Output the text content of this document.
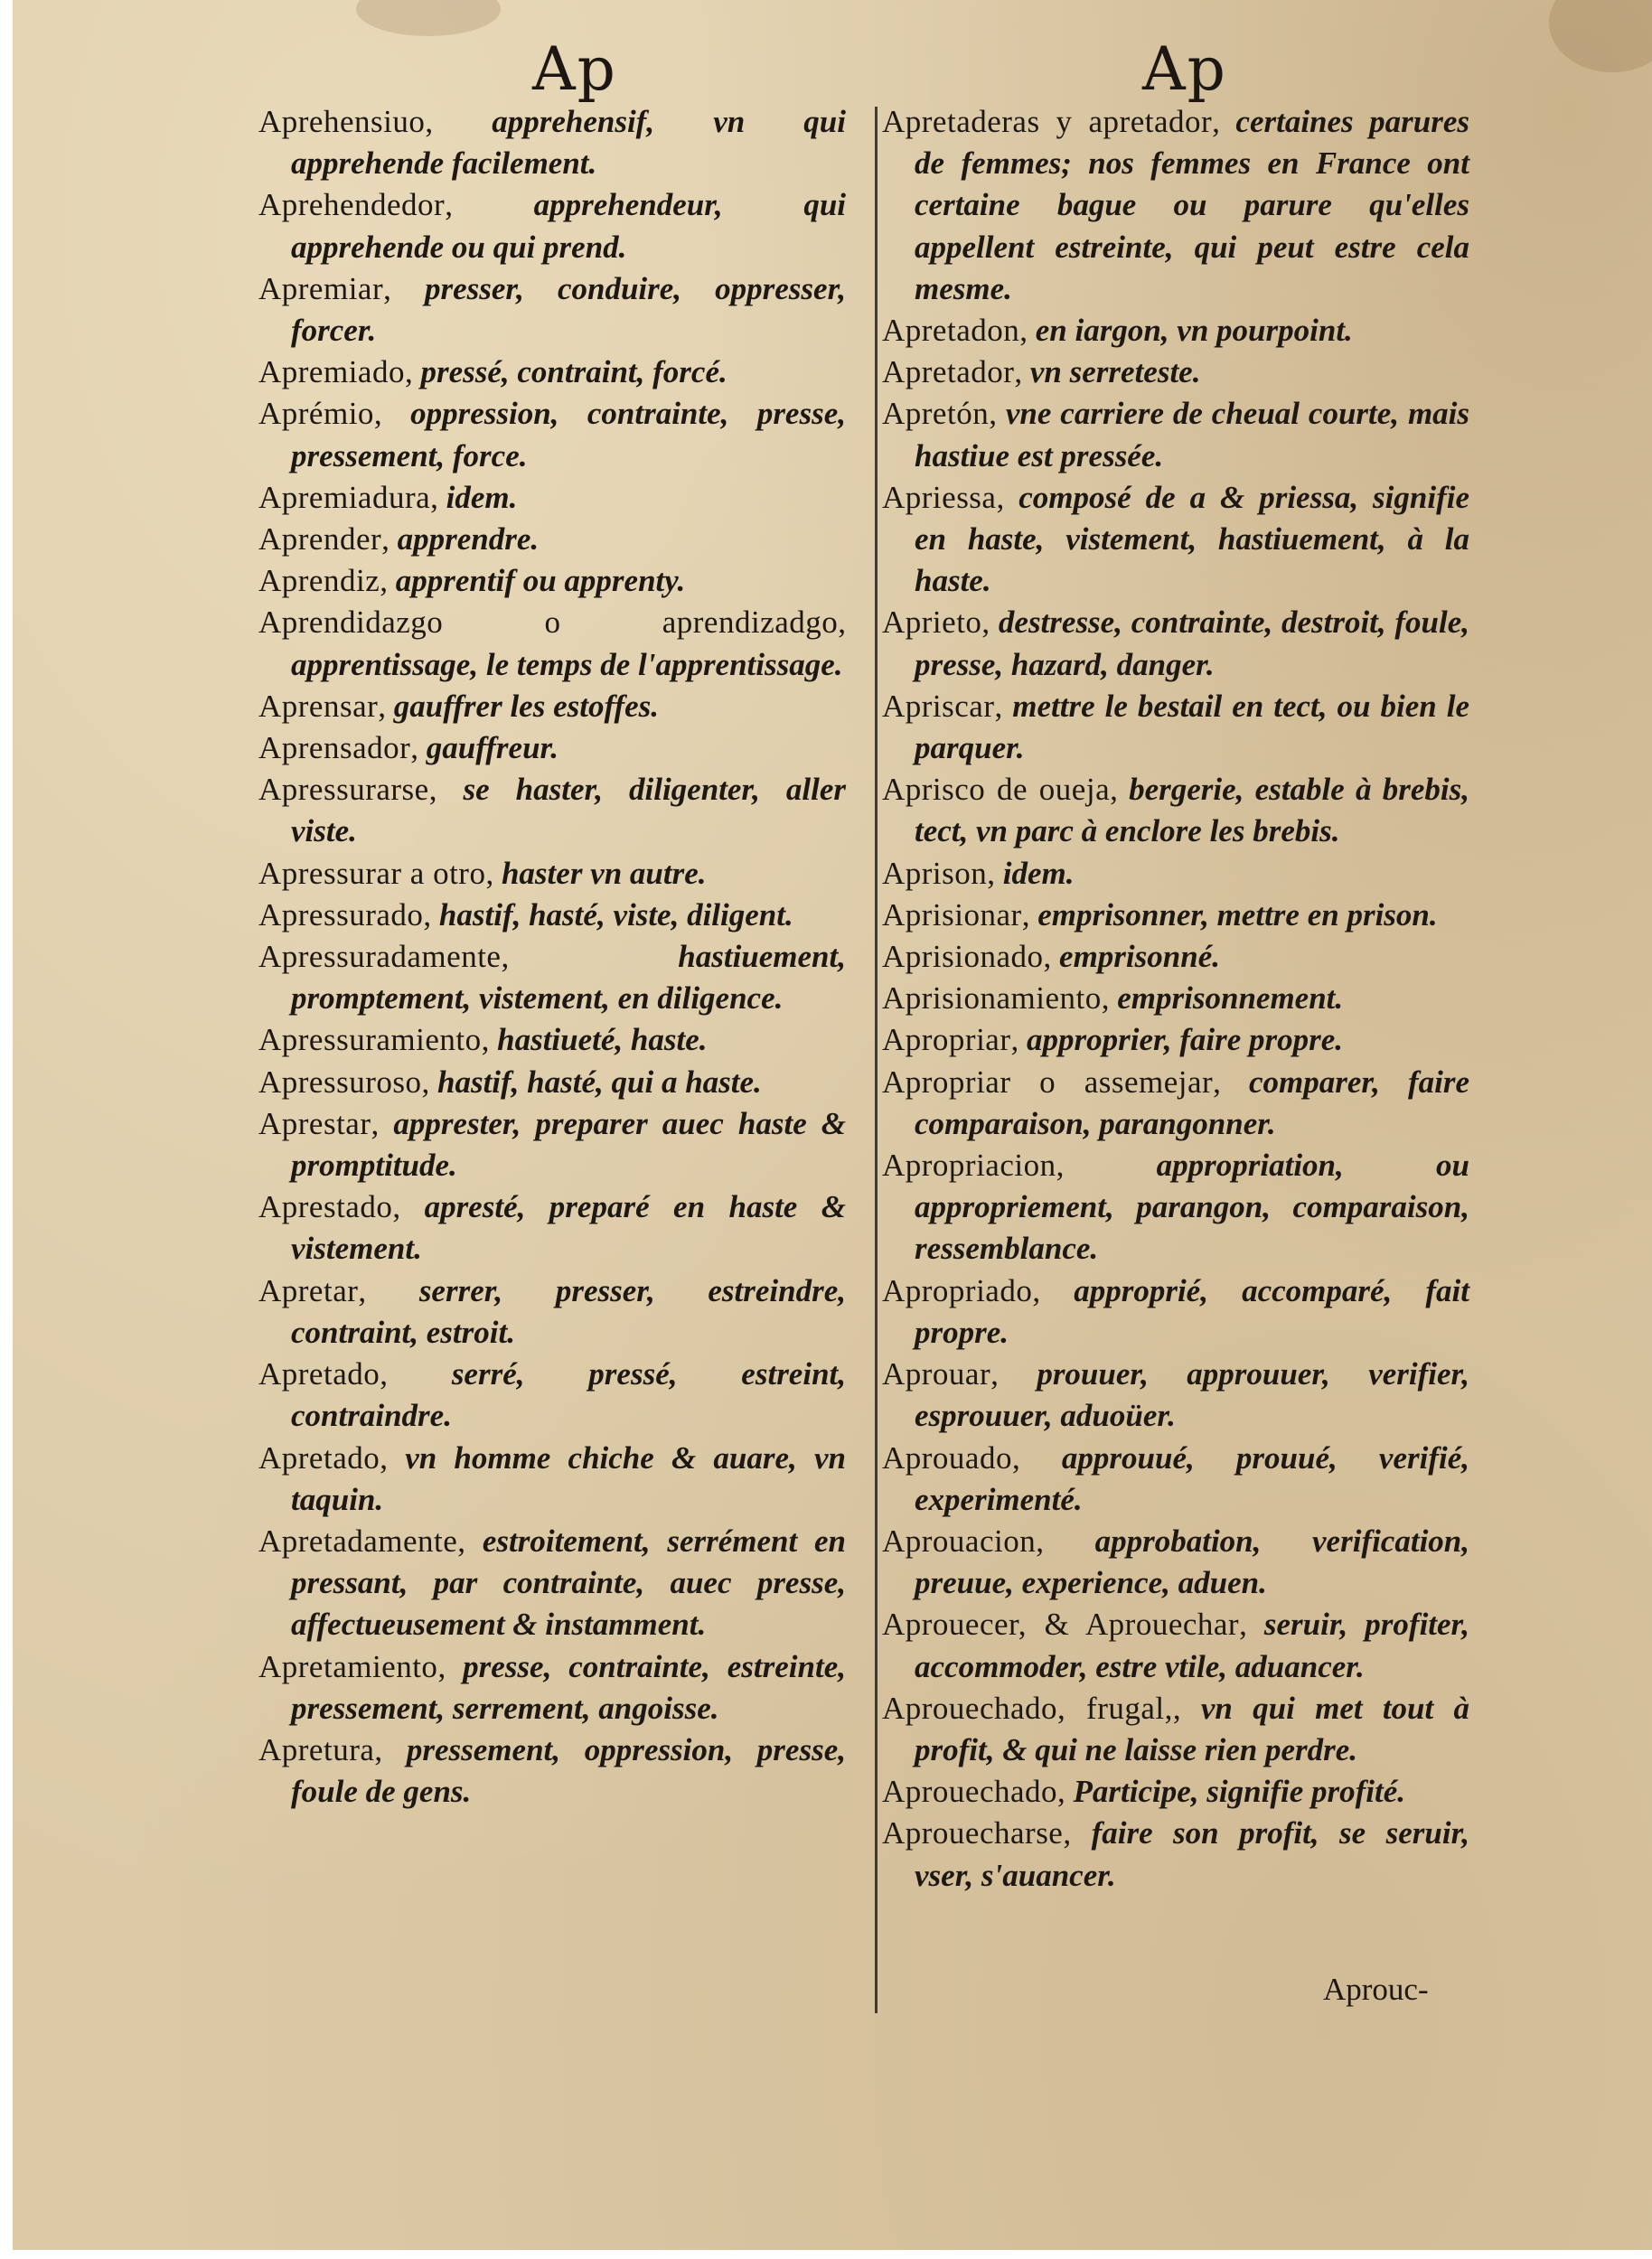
Ap	Ap

Aprehensiuo, apprehensif, vn qui apprehende facilement.

Aprehendedor, apprehendeur, qui apprehende ou qui prend.

Apremiar, presser, conduire, oppresser, forcer.

Apremiado, pressé, contraint, forcé.

Aprémio, oppression, contrainte, presse, pressement, force.

Apremiadura, idem.

Aprender, apprendre.

Aprendiz, apprentif ou apprenty.

Aprendidazgo o aprendizadgo, apprentissage, le temps de l'apprentissage.

Aprensar, gauffrer les estoffes.

Aprensador, gauffreur.

Apressurarse, se haster, diligenter, aller viste.

Apressurar a otro, haster vn autre.

Apressurado, hastif, hasté, viste, diligent.

Apressuradamente, hastiuement, promptement, vistement, en diligence.

Apressuramiento, hastiueté, haste.

Apressuroso, hastif, hasté, qui a haste.

Aprestar, apprester, preparer auec haste & promptitude.

Aprestado, apresté, preparé en haste & vistement.

Apretar, serrer, presser, estreindre, contraint, estroit.

Apretado, serré, pressé, estreint, contraindre.

Apretado, vn homme chiche & auare, vn taquin.

Apretadamente, estroitement, serrément en pressant, par contrainte, auec presse, affectueusement & instamment.

Apretamiento, presse, contrainte, estreinte, pressement, serrement, angoisse.

Apretura, pressement, oppression, presse, foule de gens.

Apretaderas y apretador, certaines parures de femmes; nos femmes en France ont certaine bague ou parure qu'elles appellent estreinte, qui peut estre cela mesme.

Apretadon, en iargon, vn pourpoint.

Apretador, vn serreteste.

Apretón, vne carriere de cheual courte, mais hastiue est pressée.

Apriessa, composé de a & priessa, signifie en haste, vistement, hastiuement, à la haste.

Aprieto, destresse, contrainte, destroit, foule, presse, hazard, danger.

Apriscar, mettre le bestail en tect, ou bien le parquer.

Aprisco de oueja, bergerie, estable à brebis, tect, vn parc à enclore les brebis.

Aprison, idem.

Aprisionar, emprisonner, mettre en prison.

Aprisionado, emprisonné.

Aprisionamiento, emprisonnement.

Apropriar, approprier, faire propre.

Apropriar o assemejar, comparer, faire comparaison, parangonner.

Apropriacion, appropriation, ou appropriement, parangon, comparaison, ressemblance.

Apropriado, approprié, accomparé, fait propre.

Aprouar, prouuer, approuuer, verifier, esprouuer, aduoüer.

Aprouado, approuué, prouué, verifié, experimenté.

Aprouacion, approbation, verification, preuue, experience, aduen.

Aprouecer, & Aprouechar, seruir, profiter, accommoder, estre vtile, aduancer.

Aprouechado, frugal,, vn qui met tout à profit, & qui ne laisse rien perdre.

Aprouechado, Participe, signifie profité.

Aprouecharse, faire son profit, se seruir, vser, s'auancer.

Aprouc-
